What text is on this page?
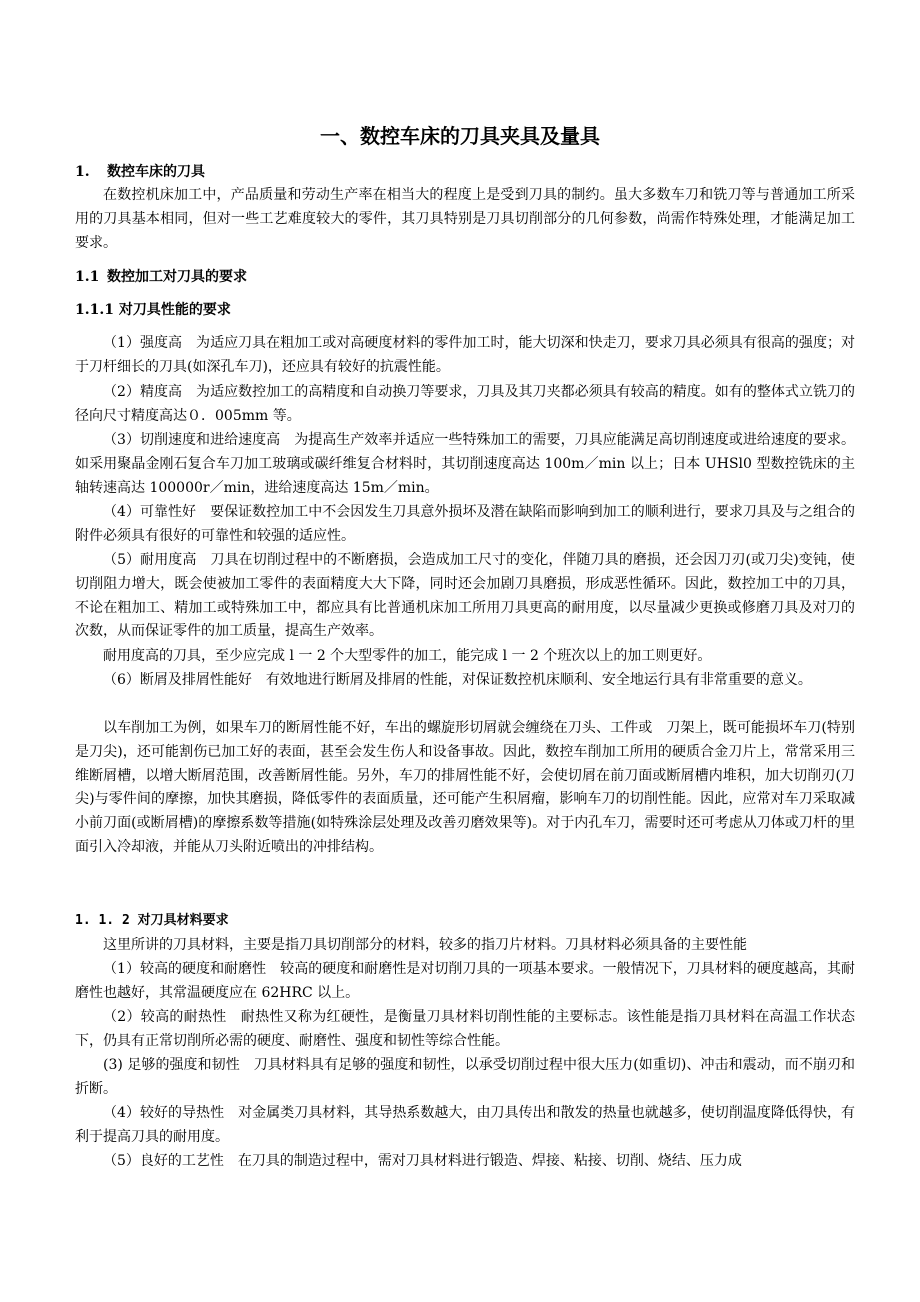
一、数控车床的刀具夹具及量具
1. 数控车床的刀具

在数控机床加工中，产品质量和劳动生产率在相当大的程度上是受到刀具的制约。虽大多数车刀和铣刀等与普通加工所采用的刀具基本相同，但对一些工艺难度较大的零件，其刀具特别是刀具切削部分的几何参数，尚需作特殊处理，才能满足加工要求。

1.1 数控加工对刀具的要求
1.1.1 对刀具性能的要求

（1）强度高　为适应刀具在粗加工或对高硬度材料的零件加工时，能大切深和快走刀，要求刀具必须具有很高的强度；对于刀杆细长的刀具(如深孔车刀)，还应具有较好的抗震性能。

（2）精度高　为适应数控加工的高精度和自动换刀等要求，刀具及其刀夹都必须具有较高的精度。如有的整体式立铣刀的径向尺寸精度高达０．005mm 等。

（3）切削速度和进给速度高　为提高生产效率并适应一些特殊加工的需要，刀具应能满足高切削速度或进给速度的要求。如采用聚晶金刚石复合车刀加工玻璃或碳纤维复合材料时，其切削速度高达 100m／min 以上；日本 UHSl0 型数控铣床的主轴转速高达 100000r／min，进给速度高达 15m／min。

（4）可靠性好　要保证数控加工中不会因发生刀具意外损坏及潜在缺陷而影响到加工的顺利进行，要求刀具及与之组合的附件必须具有很好的可靠性和较强的适应性。

（5）耐用度高　刀具在切削过程中的不断磨损，会造成加工尺寸的变化，伴随刀具的磨损，还会因刀刃(或刀尖)变钝，使切削阻力增大，既会使被加工零件的表面精度大大下降，同时还会加剧刀具磨损，形成恶性循环。因此，数控加工中的刀具，不论在粗加工、精加工或特殊加工中，都应具有比普通机床加工所用刀具更高的耐用度，以尽量减少更换或修磨刀具及对刀的次数，从而保证零件的加工质量，提高生产效率。

耐用度高的刀具，至少应完成 l 一 2 个大型零件的加工，能完成 l 一 2 个班次以上的加工则更好。

（6）断屑及排屑性能好　有效地进行断屑及排屑的性能，对保证数控机床顺利、安全地运行具有非常重要的意义。

以车削加工为例，如果车刀的断屑性能不好，车出的螺旋形切屑就会缠绕在刀头、工件或　刀架上，既可能损坏车刀(特别是刀尖)，还可能割伤已加工好的表面，甚至会发生伤人和设备事故。因此，数控车削加工所用的硬质合金刀片上，常常采用三维断屑槽，以增大断屑范围，改善断屑性能。另外，车刀的排屑性能不好，会使切屑在前刀面或断屑槽内堆积，加大切削刃(刀尖)与零件间的摩擦，加快其磨损，降低零件的表面质量，还可能产生积屑瘤，影响车刀的切削性能。因此，应常对车刀采取减小前刀面(或断屑槽)的摩擦系数等措施(如特殊涂层处理及改善刃磨效果等)。对于内孔车刀，需要时还可考虑从刀体或刀杆的里面引入冷却液，并能从刀头附近喷出的冲排结构。

1. 1. 2 对刀具材料要求

这里所讲的刀具材料，主要是指刀具切削部分的材料，较多的指刀片材料。刀具材料必须具备的主要性能

（1）较高的硬度和耐磨性　较高的硬度和耐磨性是对切削刀具的一项基本要求。一般情况下，刀具材料的硬度越高，其耐磨性也越好，其常温硬度应在 62HRC 以上。

（2）较高的耐热性　耐热性又称为红硬性，是衡量刀具材料切削性能的主要标志。该性能是指刀具材料在高温工作状态下，仍具有正常切削所必需的硬度、耐磨性、强度和韧性等综合性能。

(3) 足够的强度和韧性　刀具材料具有足够的强度和韧性，以承受切削过程中很大压力(如重切)、冲击和震动，而不崩刃和折断。

（4）较好的导热性　对金属类刀具材料，其导热系数越大，由刀具传出和散发的热量也就越多，使切削温度降低得快，有利于提高刀具的耐用度。

（5）良好的工艺性　在刀具的制造过程中，需对刀具材料进行锻造、焊接、粘接、切削、烧结、压力成
